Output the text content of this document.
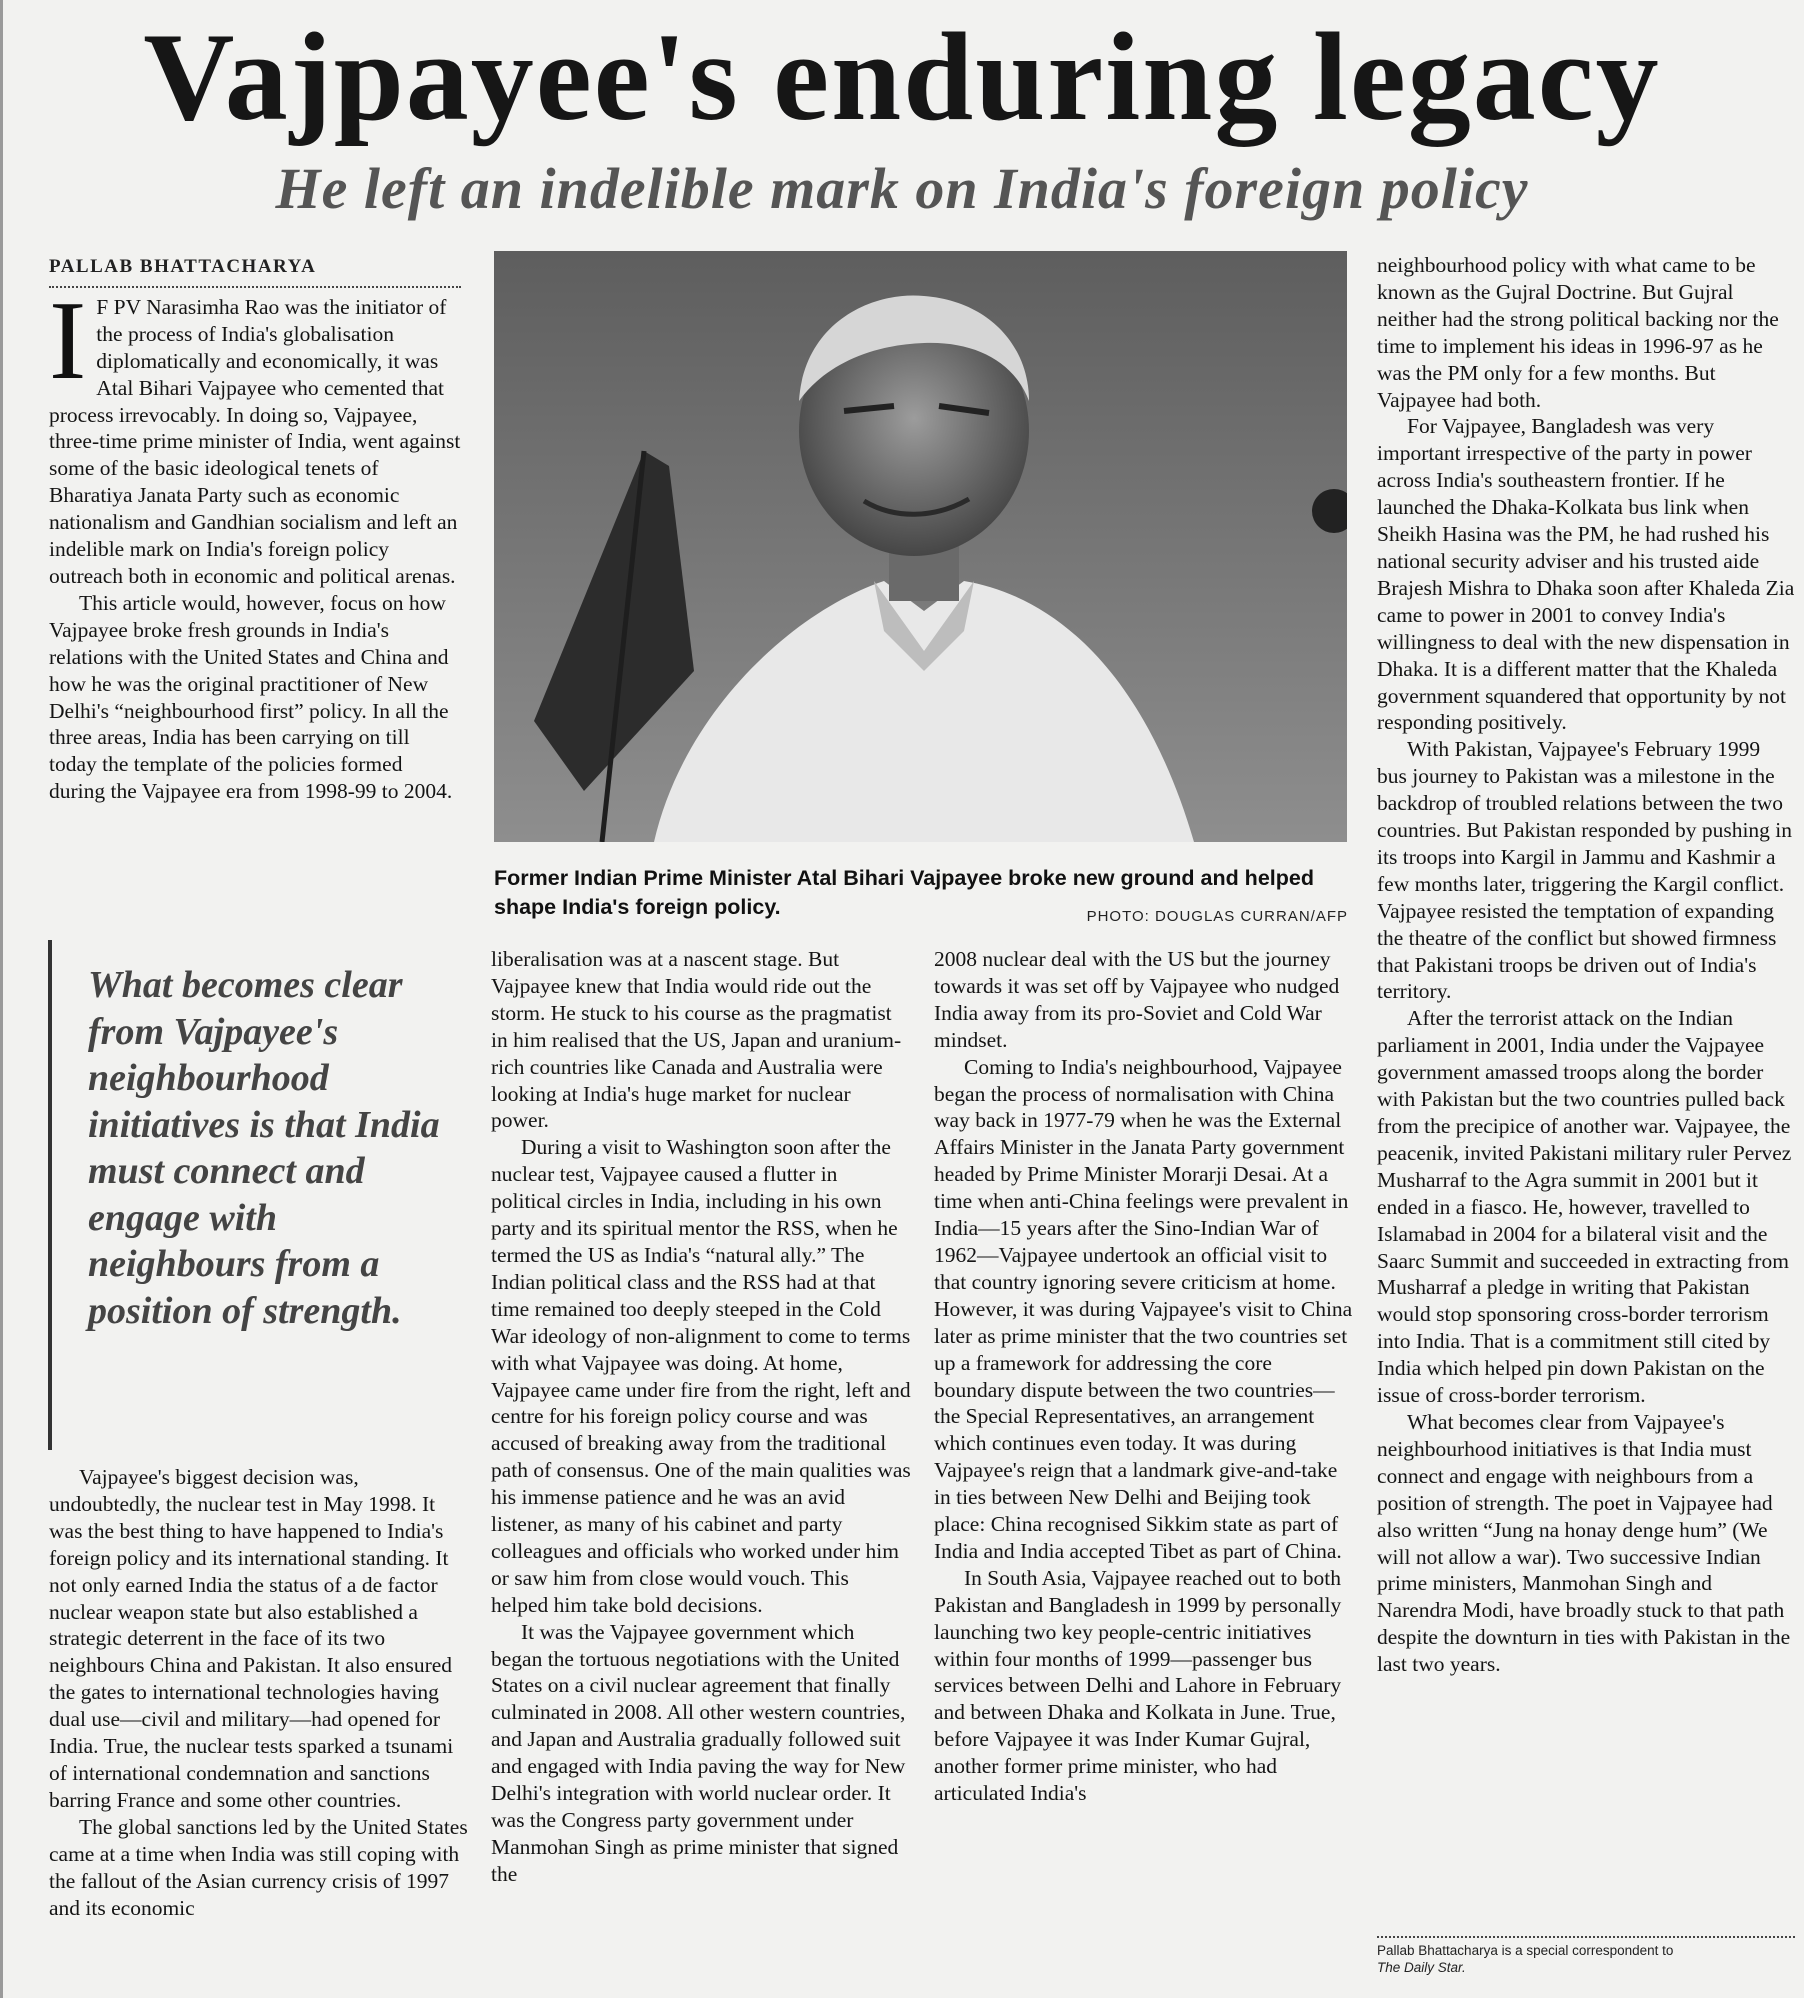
Vajpayee's enduring legacy
He left an indelible mark on India's foreign policy
PALLAB BHATTACHARYA

I F PV Narasimha Rao was the initiator of the process of India's globalisation diplomatically and economically, it was Atal Bihari Vajpayee who cemented that process irrevocably. In doing so, Vajpayee, three-time prime minister of India, went against some of the basic ideological tenets of Bharatiya Janata Party such as economic nationalism and Gandhian socialism and left an indelible mark on India's foreign policy outreach both in economic and political arenas.

This article would, however, focus on how Vajpayee broke fresh grounds in India's relations with the United States and China and how he was the original practitioner of New Delhi's “neighbourhood first” policy. In all the three areas, India has been carrying on till today the template of the policies formed during the Vajpayee era from 1998-99 to 2004.

Former Indian Prime Minister Atal Bihari Vajpayee broke new ground and helped shape India's foreign policy.	PHOTO: DOUGLAS CURRAN/AFP
What becomes clear from Vajpayee's neighbourhood initiatives is that India must connect and engage with neighbours from a position of strength.

Vajpayee's biggest decision was, undoubtedly, the nuclear test in May 1998. It was the best thing to have happened to India's foreign policy and its international standing. It not only earned India the status of a de factor nuclear weapon state but also established a strategic deterrent in the face of its two neighbours China and Pakistan. It also ensured the gates to international technologies having dual use—civil and military—had opened for India. True, the nuclear tests sparked a tsunami of international condemnation and sanctions barring France and some other countries.

The global sanctions led by the United States came at a time when India was still coping with the fallout of the Asian currency crisis of 1997 and its economic

liberalisation was at a nascent stage. But Vajpayee knew that India would ride out the storm. He stuck to his course as the pragmatist in him realised that the US, Japan and uranium-rich countries like Canada and Australia were looking at India's huge market for nuclear power.

During a visit to Washington soon after the nuclear test, Vajpayee caused a flutter in political circles in India, including in his own party and its spiritual mentor the RSS, when he termed the US as India's “natural ally.” The Indian political class and the RSS had at that time remained too deeply steeped in the Cold War ideology of non-alignment to come to terms with what Vajpayee was doing. At home, Vajpayee came under fire from the right, left and centre for his foreign policy course and was accused of breaking away from the traditional path of consensus. One of the main qualities was his immense patience and he was an avid listener, as many of his cabinet and party colleagues and officials who worked under him or saw him from close would vouch. This helped him take bold decisions.

It was the Vajpayee government which began the tortuous negotiations with the United States on a civil nuclear agreement that finally culminated in 2008. All other western countries, and Japan and Australia gradually followed suit and engaged with India paving the way for New Delhi's integration with world nuclear order. It was the Congress party government under Manmohan Singh as prime minister that signed the

2008 nuclear deal with the US but the journey towards it was set off by Vajpayee who nudged India away from its pro-Soviet and Cold War mindset.

Coming to India's neighbourhood, Vajpayee began the process of normalisation with China way back in 1977-79 when he was the External Affairs Minister in the Janata Party government headed by Prime Minister Morarji Desai. At a time when anti-China feelings were prevalent in India—15 years after the Sino-Indian War of 1962—Vajpayee undertook an official visit to that country ignoring severe criticism at home. However, it was during Vajpayee's visit to China later as prime minister that the two countries set up a framework for addressing the core boundary dispute between the two countries—the Special Representatives, an arrangement which continues even today. It was during Vajpayee's reign that a landmark give-and-take in ties between New Delhi and Beijing took place: China recognised Sikkim state as part of India and India accepted Tibet as part of China.

In South Asia, Vajpayee reached out to both Pakistan and Bangladesh in 1999 by personally launching two key people-centric initiatives within four months of 1999—passenger bus services between Delhi and Lahore in February and between Dhaka and Kolkata in June. True, before Vajpayee it was Inder Kumar Gujral, another former prime minister, who had articulated India's

neighbourhood policy with what came to be known as the Gujral Doctrine. But Gujral neither had the strong political backing nor the time to implement his ideas in 1996-97 as he was the PM only for a few months. But Vajpayee had both.

For Vajpayee, Bangladesh was very important irrespective of the party in power across India's southeastern frontier. If he launched the Dhaka-Kolkata bus link when Sheikh Hasina was the PM, he had rushed his national security adviser and his trusted aide Brajesh Mishra to Dhaka soon after Khaleda Zia came to power in 2001 to convey India's willingness to deal with the new dispensation in Dhaka. It is a different matter that the Khaleda government squandered that opportunity by not responding positively.

With Pakistan, Vajpayee's February 1999 bus journey to Pakistan was a milestone in the backdrop of troubled relations between the two countries. But Pakistan responded by pushing in its troops into Kargil in Jammu and Kashmir a few months later, triggering the Kargil conflict. Vajpayee resisted the temptation of expanding the theatre of the conflict but showed firmness that Pakistani troops be driven out of India's territory.

After the terrorist attack on the Indian parliament in 2001, India under the Vajpayee government amassed troops along the border with Pakistan but the two countries pulled back from the precipice of another war. Vajpayee, the peacenik, invited Pakistani military ruler Pervez Musharraf to the Agra summit in 2001 but it ended in a fiasco. He, however, travelled to Islamabad in 2004 for a bilateral visit and the Saarc Summit and succeeded in extracting from Musharraf a pledge in writing that Pakistan would stop sponsoring cross-border terrorism into India. That is a commitment still cited by India which helped pin down Pakistan on the issue of cross-border terrorism.

What becomes clear from Vajpayee's neighbourhood initiatives is that India must connect and engage with neighbours from a position of strength. The poet in Vajpayee had also written “Jung na honay denge hum” (We will not allow a war). Two successive Indian prime ministers, Manmohan Singh and Narendra Modi, have broadly stuck to that path despite the downturn in ties with Pakistan in the last two years.

Pallab Bhattacharya is a special correspondent to
The Daily Star.
